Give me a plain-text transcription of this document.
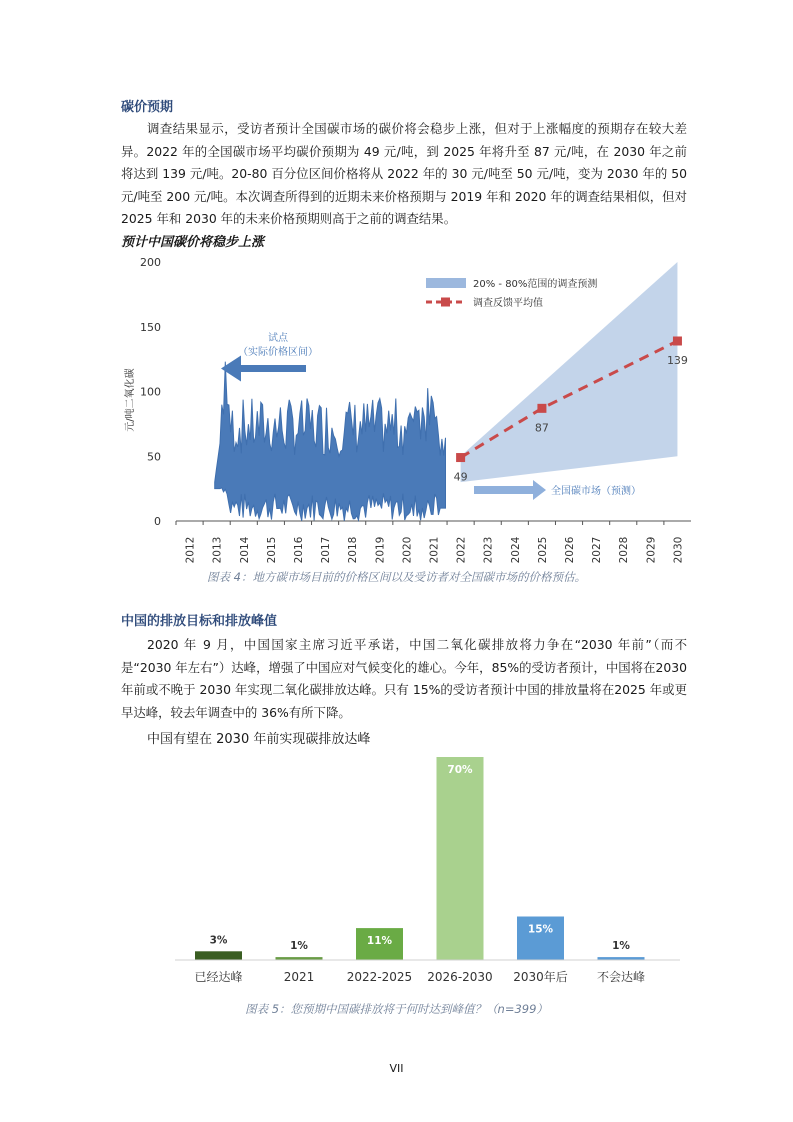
碳价预期

调查结果显示，受访者预计全国碳市场的碳价将会稳步上涨，但对于上涨幅度的预期存在较大差异。2022 年的全国碳市场平均碳价预期为 49 元/吨，到 2025 年将升至 87 元/吨，在 2030 年之前将达到 139 元/吨。20-80 百分位区间价格将从 2022 年的 30 元/吨至 50 元/吨，变为 2030 年的 50 元/吨至 200 元/吨。本次调查所得到的近期未来价格预期与 2019 年和 2020 年的调查结果相似，但对 2025 年和 2030 年的未来价格预期则高于之前的调查结果。

预计中国碳价将稳步上涨
0
50
100
150
200
2012 2013 2014 2015 2016 2017 2018 2019 2020 2021 2022 2023 2024 2025 2026 2027 2028 2029 2030
49
87
139
试点
（实际价格区间）
全国碳市场（预测）
20% - 80%范围的调查预测
调查反馈平均值
元/吨二氧化碳
图表 4：地方碳市场目前的价格区间以及受访者对全国碳市场的价格预估。
中国的排放目标和排放峰值

2020 年 9 月，中国国家主席习近平承诺，中国二氧化碳排放将力争在“2030 年前”（而不是“2030 年左右”）达峰，增强了中国应对气候变化的雄心。今年，85%的受访者预计，中国将在2030 年前或不晚于 2030 年实现二氧化碳排放达峰。只有 15%的受访者预计中国的排放量将在2025 年或更早达峰，较去年调查中的 36%有所下降。

中国有望在 2030 年前实现碳排放达峰
3%
已经达峰
1%
2021
11%
2022-2025
70%
2026-2030
15%
2030年后
1%
不会达峰
图表 5：您预期中国碳排放将于何时达到峰值？（n=399）
VII
